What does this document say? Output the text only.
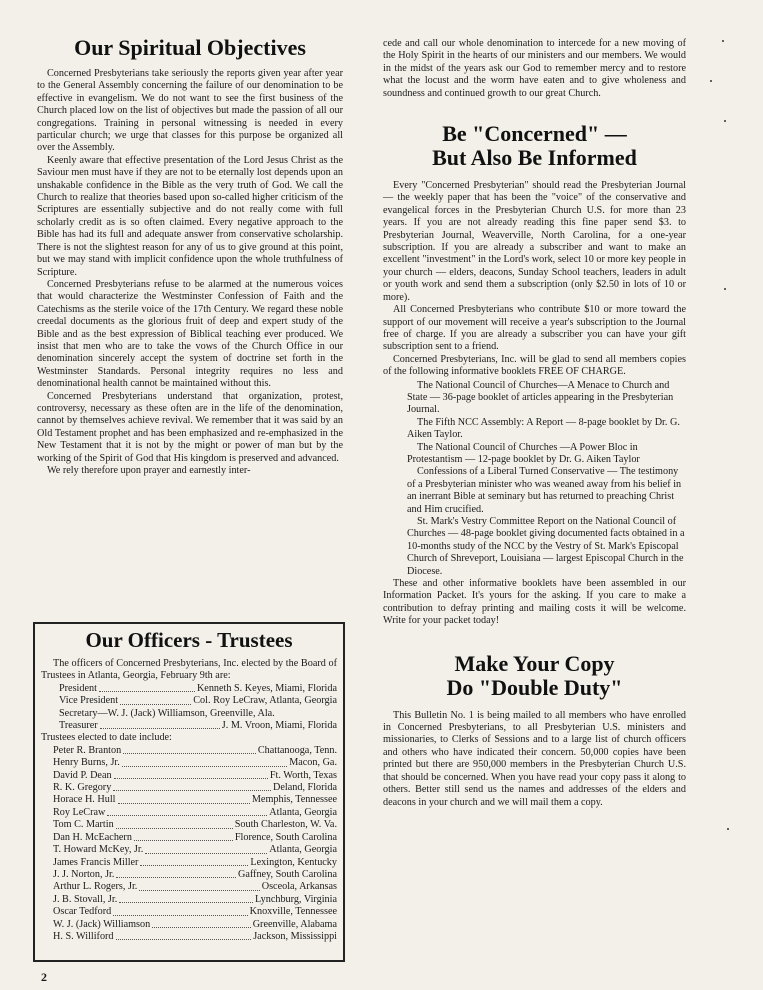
Our Spiritual Objectives

Concerned Presbyterians take seriously the reports given year after year to the General Assembly concerning the failure of our denomination to be effective in evangelism. We do not want to see the first business of the Church placed low on the list of objectives but made the passion of all our congregations. Training in personal witnessing is needed in every particular church; we urge that classes for this purpose be organized all over the Assembly.

Keenly aware that effective presentation of the Lord Jesus Christ as the Saviour men must have if they are not to be eternally lost depends upon an unshakable confidence in the Bible as the very truth of God. We call the Church to realize that theories based upon so-called higher criticism of the Scriptures are essentially subjective and do not really come with full scholarly credit as is so often claimed. Every negative approach to the Bible has had its full and adequate answer from conservative scholarship. There is not the slightest reason for any of us to give ground at this point, but we may stand with implicit confidence upon the whole truthfulness of Scripture.

Concerned Presbyterians refuse to be alarmed at the numerous voices that would characterize the Westminster Confession of Faith and the Catechisms as the sterile voice of the 17th Century. We regard these noble creedal documents as the glorious fruit of deep and expert study of the Bible and as the best expression of Biblical teaching ever produced. We insist that men who are to take the vows of the Church Office in our denomination sincerely accept the system of doctrine set forth in the Westminster Standards. Personal integrity requires no less and denominational health cannot be maintained without this.

Concerned Presbyterians understand that organization, protest, controversy, necessary as these often are in the life of the denomination, cannot by themselves achieve revival. We remember that it was said by an Old Testament prophet and has been emphasized and re-emphasized in the New Testament that it is not by the might or power of man but by the working of the Spirit of God that His kingdom is preserved and advanced.

We rely therefore upon prayer and earnestly inter-

Our Officers - Trustees

The officers of Concerned Presbyterians, Inc. elected by the Board of Trustees in Atlanta, Georgia, February 9th are:

President	Kenneth S. Keyes, Miami, Florida
Vice President	Col. Roy LeCraw, Atlanta, Georgia
Secretary—W. J. (Jack) Williamson, Greenville, Ala.
Treasurer	J. M. Vroon, Miami, Florida

Trustees elected to date include:

Peter R. Branton	Chattanooga, Tenn.
Henry Burns, Jr.	Macon, Ga.
David P. Dean	Ft. Worth, Texas
R. K. Gregory	Deland, Florida
Horace H. Hull	Memphis, Tennessee
Roy LeCraw	Atlanta, Georgia
Tom C. Martin	South Charleston, W. Va.
Dan H. McEachern	Florence, South Carolina
T. Howard McKey, Jr.	Atlanta, Georgia
James Francis Miller	Lexington, Kentucky
J. J. Norton, Jr.	Gaffney, South Carolina
Arthur L. Rogers, Jr.	Osceola, Arkansas
J. B. Stovall, Jr.	Lynchburg, Virginia
Oscar Tedford	Knoxville, Tennessee
W. J. (Jack) Williamson	Greenville, Alabama
H. S. Williford	Jackson, Mississippi

cede and call our whole denomination to intercede for a new moving of the Holy Spirit in the hearts of our ministers and our members. We would in the midst of the years ask our God to remember mercy and to restore what the locust and the worm have eaten and to give wholeness and soundness and continued growth to our great Church.

Be "Concerned" —
But Also Be Informed

Every "Concerned Presbyterian" should read the Presbyterian Journal — the weekly paper that has been the "voice" of the conservative and evangelical forces in the Presbyterian Church U.S. for more than 23 years. If you are not already reading this fine paper send $3. to Presbyterian Journal, Weaverville, North Carolina, for a one-year subscription. If you are already a subscriber and want to make an excellent "investment" in the Lord's work, select 10 or more key people in your church — elders, deacons, Sunday School teachers, leaders in adult or youth work and send them a subscription (only $2.50 in lots of 10 or more).

All Concerned Presbyterians who contribute $10 or more toward the support of our movement will receive a year's subscription to the Journal free of charge. If you are already a subscriber you can have your gift subscription sent to a friend.

Concerned Presbyterians, Inc. will be glad to send all members copies of the following informative booklets FREE OF CHARGE.

The National Council of Churches—A Menace to Church and State — 36-page booklet of articles appearing in the Presbyterian Journal.

The Fifth NCC Assembly: A Report — 8-page booklet by Dr. G. Aiken Taylor.

The National Council of Churches —A Power Bloc in Protestantism — 12-page booklet by Dr. G. Aiken Taylor

Confessions of a Liberal Turned Conservative — The testimony of a Presbyterian minister who was weaned away from his belief in an inerrant Bible at seminary but has returned to preaching Christ and Him crucified.

St. Mark's Vestry Committee Report on the National Council of Churches — 48-page booklet giving documented facts obtained in a 10-months study of the NCC by the Vestry of St. Mark's Episcopal Church of Shreveport, Louisiana — largest Episcopal Church in the Diocese.

These and other informative booklets have been assembled in our Information Packet. It's yours for the asking. If you care to make a contribution to defray printing and mailing costs it will be welcome. Write for your packet today!

Make Your Copy
Do "Double Duty"

This Bulletin No. 1 is being mailed to all members who have enrolled in Concerned Presbyterians, to all Presbyterian U.S. ministers and missionaries, to Clerks of Sessions and to a large list of church officers and others who have indicated their concern. 50,000 copies have been printed but there are 950,000 members in the Presbyterian Church U.S. that should be concerned. When you have read your copy pass it along to others. Better still send us the names and addresses of the elders and deacons in your church and we will mail them a copy.

2
